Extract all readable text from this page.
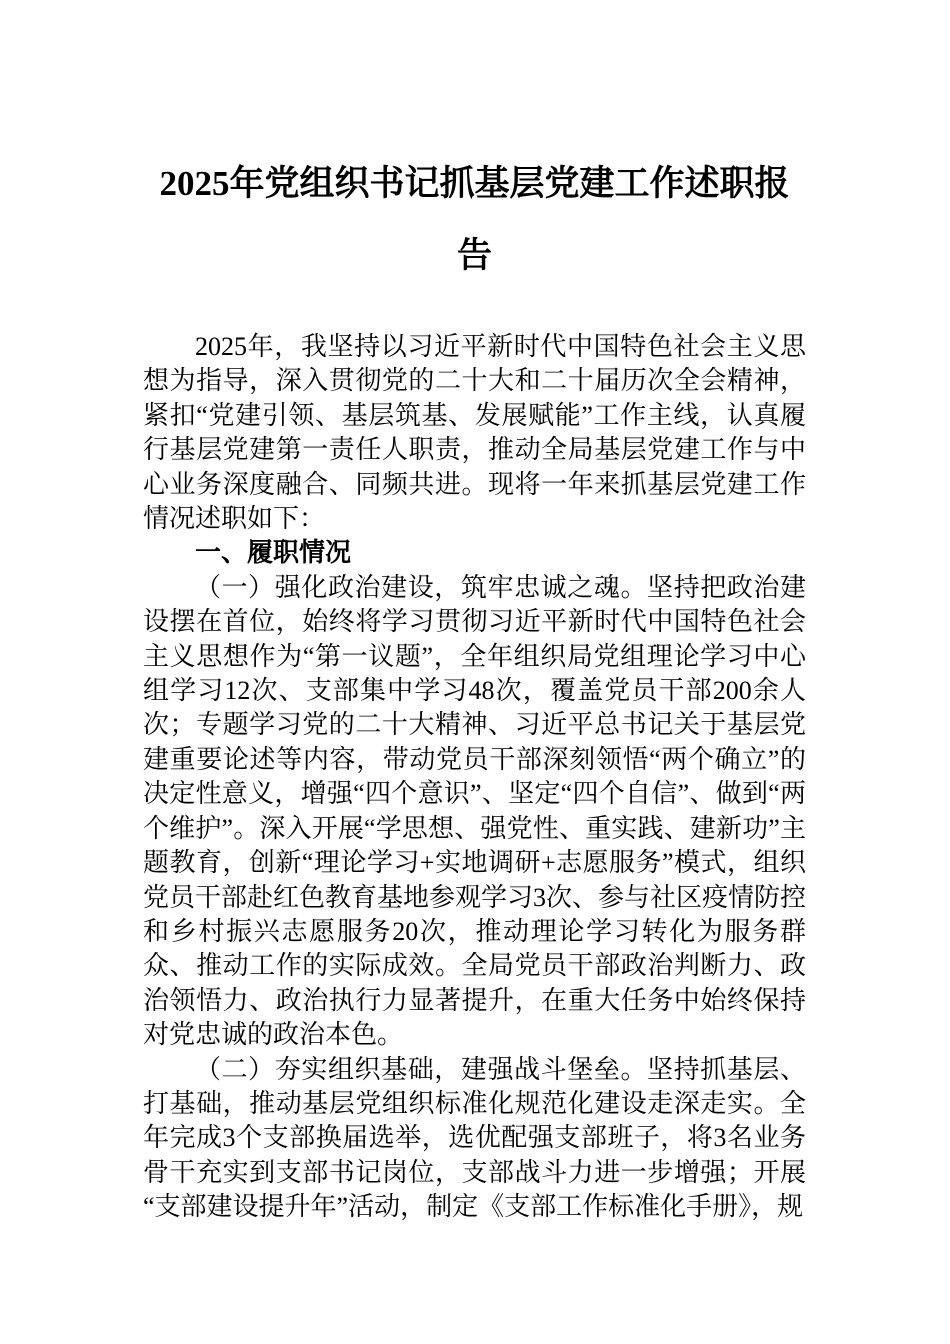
2025年党组织书记抓基层党建工作述职报
告

2025年，我坚持以习近平新时代中国特色社会主义思想为指导，深入贯彻党的二十大和二十届历次全会精神，紧扣“党建引领、基层筑基、发展赋能”工作主线，认真履行基层党建第一责任人职责，推动全局基层党建工作与中心业务深度融合、同频共进。现将一年来抓基层党建工作情况述职如下：

一、履职情况

（一）强化政治建设，筑牢忠诚之魂。坚持把政治建设摆在首位，始终将学习贯彻习近平新时代中国特色社会主义思想作为“第一议题”，全年组织局党组理论学习中心组学习12次、支部集中学习48次，覆盖党员干部200余人次；专题学习党的二十大精神、习近平总书记关于基层党建重要论述等内容，带动党员干部深刻领悟“两个确立”的决定性意义，增强“四个意识”、坚定“四个自信”、做到“两个维护”。深入开展“学思想、强党性、重实践、建新功”主题教育，创新“理论学习+实地调研+志愿服务”模式，组织党员干部赴红色教育基地参观学习3次、参与社区疫情防控和乡村振兴志愿服务20次，推动理论学习转化为服务群众、推动工作的实际成效。全局党员干部政治判断力、政治领悟力、政治执行力显著提升，在重大任务中始终保持对党忠诚的政治本色。

（二）夯实组织基础，建强战斗堡垒。坚持抓基层、打基础，推动基层党组织标准化规范化建设走深走实。全年完成3个支部换届选举，选优配强支部班子，将3名业务骨干充实到支部书记岗位，支部战斗力进一步增强；开展“支部建设提升年”活动，制定《支部工作标准化手册》，规
